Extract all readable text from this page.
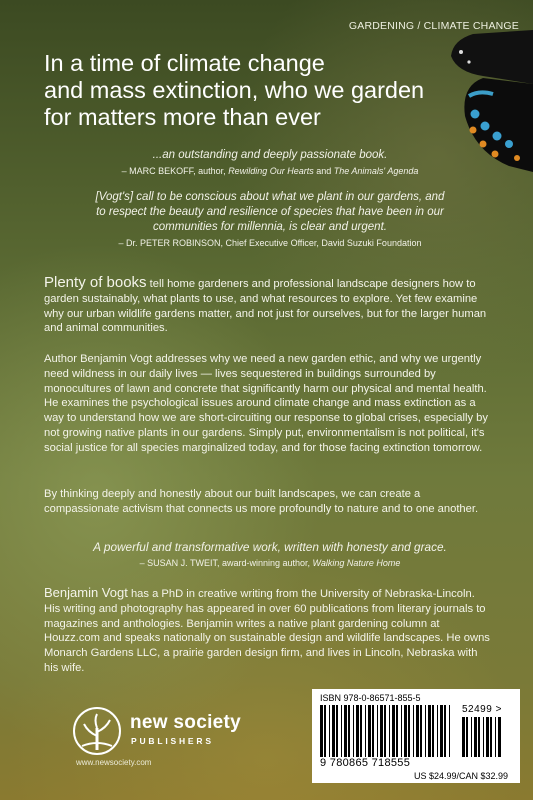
GARDENING / CLIMATE CHANGE
In a time of climate change
and mass extinction, who we garden
for matters more than ever
...an outstanding and deeply passionate book.
– MARC BEKOFF, author, Rewilding Our Hearts and The Animals' Agenda
[Vogt's] call to be conscious about what we plant in our gardens, and
to respect the beauty and resilience of species that have been in our
communities for millennia, is clear and urgent.
– Dr. PETER ROBINSON, Chief Executive Officer, David Suzuki Foundation
Plenty of books tell home gardeners and professional landscape designers how to garden sustainably, what plants to use, and what resources to explore. Yet few examine why our urban wildlife gardens matter, and not just for ourselves, but for the larger human and animal communities.
Author Benjamin Vogt addresses why we need a new garden ethic, and why we urgently need wildness in our daily lives — lives sequestered in buildings surrounded by monocultures of lawn and concrete that significantly harm our physical and mental health. He examines the psychological issues around climate change and mass extinction as a way to understand how we are short-circuiting our response to global crises, especially by not growing native plants in our gardens. Simply put, environmentalism is not political, it's social justice for all species marginalized today, and for those facing extinction tomorrow.
By thinking deeply and honestly about our built landscapes, we can create a compassionate activism that connects us more profoundly to nature and to one another.
A powerful and transformative work, written with honesty and grace.
– SUSAN J. TWEIT, award-winning author, Walking Nature Home
Benjamin Vogt has a PhD in creative writing from the University of Nebraska-Lincoln. His writing and photography has appeared in over 60 publications from literary journals to magazines and anthologies. Benjamin writes a native plant gardening column at Houzz.com and speaks nationally on sustainable design and wildlife landscapes. He owns Monarch Gardens LLC, a prairie garden design firm, and lives in Lincoln, Nebraska with his wife.
new society
PUBLISHERS
www.newsociety.com
ISBN 978-0-86571-855-5
52499 >
9 780865 718555
US $24.99/CAN $32.99
